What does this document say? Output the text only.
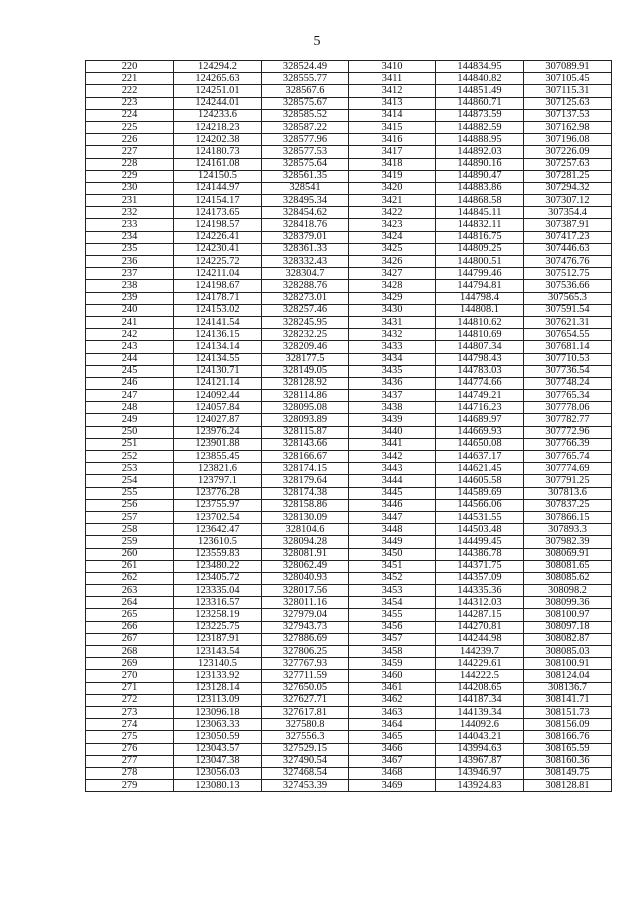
5
220	124294.2	328524.49	3410	144834.95	307089.91
221	124265.63	328555.77	3411	144840.82	307105.45
222	124251.01	328567.6	3412	144851.49	307115.31
223	124244.01	328575.67	3413	144860.71	307125.63
224	124233.6	328585.52	3414	144873.59	307137.53
225	124218.23	328587.22	3415	144882.59	307162.98
226	124202.38	328577.96	3416	144888.95	307196.08
227	124180.73	328577.53	3417	144892.03	307226.09
228	124161.08	328575.64	3418	144890.16	307257.63
229	124150.5	328561.35	3419	144890.47	307281.25
230	124144.97	328541	3420	144883.86	307294.32
231	124154.17	328495.34	3421	144868.58	307307.12
232	124173.65	328454.62	3422	144845.11	307354.4
233	124198.57	328418.76	3423	144832.11	307387.91
234	124226.41	328379.01	3424	144816.75	307417.23
235	124230.41	328361.33	3425	144809.25	307446.63
236	124225.72	328332.43	3426	144800.51	307476.76
237	124211.04	328304.7	3427	144799.46	307512.75
238	124198.67	328288.76	3428	144794.81	307536.66
239	124178.71	328273.01	3429	144798.4	307565.3
240	124153.02	328257.46	3430	144808.1	307591.54
241	124141.54	328245.95	3431	144810.62	307621.31
242	124136.15	328232.25	3432	144810.69	307654.55
243	124134.14	328209.46	3433	144807.34	307681.14
244	124134.55	328177.5	3434	144798.43	307710.53
245	124130.71	328149.05	3435	144783.03	307736.54
246	124121.14	328128.92	3436	144774.66	307748.24
247	124092.44	328114.86	3437	144749.21	307765.34
248	124057.84	328095.08	3438	144716.23	307778.06
249	124027.87	328093.89	3439	144689.97	307782.77
250	123976.24	328115.87	3440	144669.93	307772.96
251	123901.88	328143.66	3441	144650.08	307766.39
252	123855.45	328166.67	3442	144637.17	307765.74
253	123821.6	328174.15	3443	144621.45	307774.69
254	123797.1	328179.64	3444	144605.58	307791.25
255	123776.28	328174.38	3445	144589.69	307813.6
256	123755.97	328158.86	3446	144566.06	307837.25
257	123702.54	328130.09	3447	144531.55	307866.15
258	123642.47	328104.6	3448	144503.48	307893.3
259	123610.5	328094.28	3449	144499.45	307982.39
260	123559.83	328081.91	3450	144386.78	308069.91
261	123480.22	328062.49	3451	144371.75	308081.65
262	123405.72	328040.93	3452	144357.09	308085.62
263	123335.04	328017.56	3453	144335.36	308098.2
264	123316.57	328011.16	3454	144312.03	308099.36
265	123258.19	327979.04	3455	144287.15	308100.97
266	123225.75	327943.73	3456	144270.81	308097.18
267	123187.91	327886.69	3457	144244.98	308082.87
268	123143.54	327806.25	3458	144239.7	308085.03
269	123140.5	327767.93	3459	144229.61	308100.91
270	123133.92	327711.59	3460	144222.5	308124.04
271	123128.14	327650.05	3461	144208.65	308136.7
272	123113.09	327627.71	3462	144187.34	308141.71
273	123096.18	327617.81	3463	144139.34	308151.73
274	123063.33	327580.8	3464	144092.6	308156.09
275	123050.59	327556.3	3465	144043.21	308166.76
276	123043.57	327529.15	3466	143994.63	308165.59
277	123047.38	327490.54	3467	143967.87	308160.36
278	123056.03	327468.54	3468	143946.97	308149.75
279	123080.13	327453.39	3469	143924.83	308128.81
